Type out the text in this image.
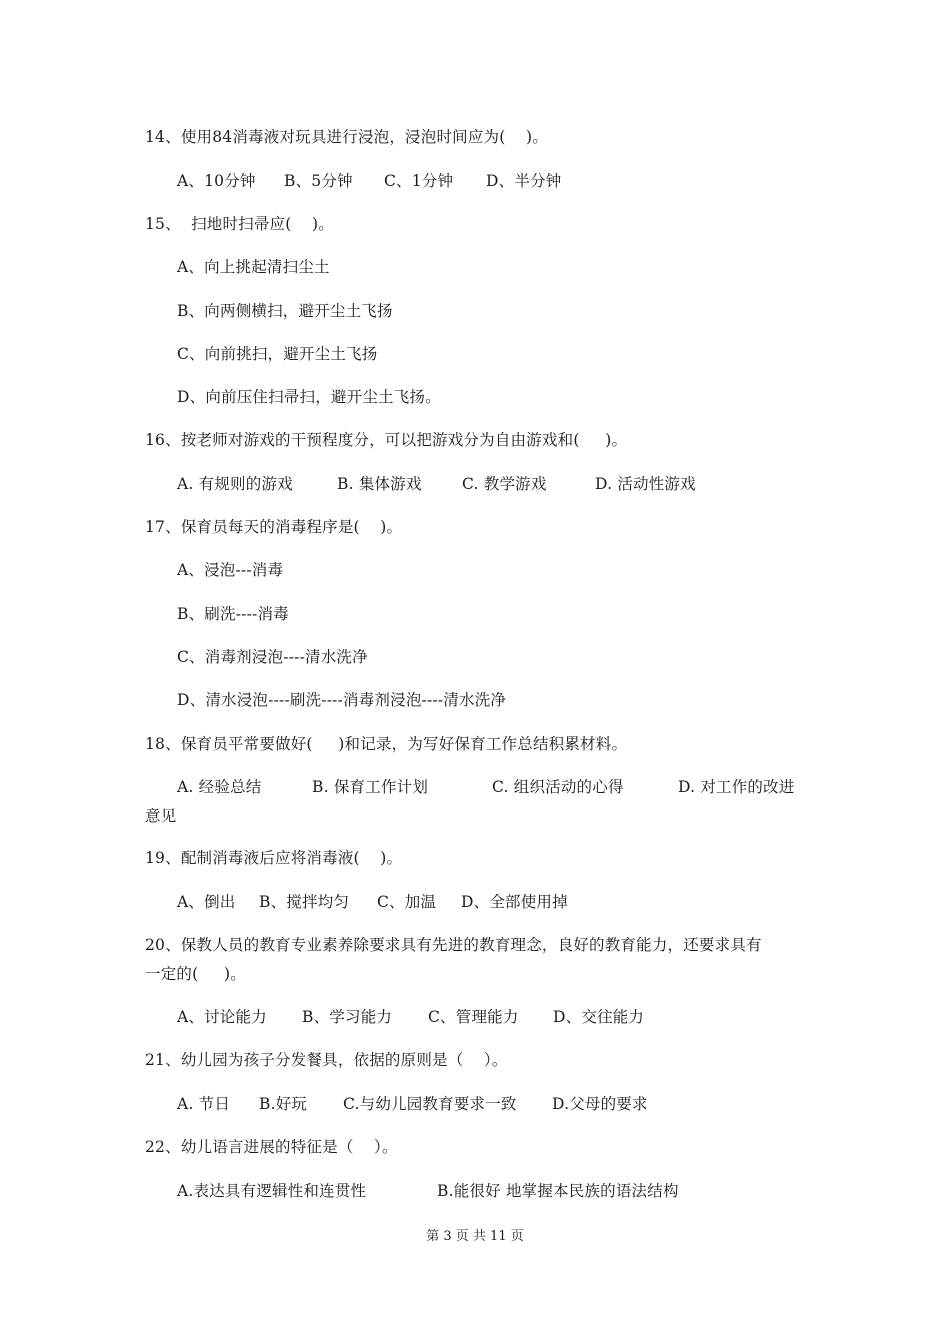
14、使用84消毒液对玩具进行浸泡，浸泡时间应为(    )。

A、10分钟

B、5分钟

C、1分钟

D、半分钟

15、  扫地时扫帚应(    )。
A、向上挑起清扫尘土
B、向两侧横扫，避开尘土飞扬
C、向前挑扫，避开尘土飞扬
D、向前压住扫帚扫，避开尘土飞扬。
16、按老师对游戏的干预程度分，可以把游戏分为自由游戏和(     )。

A. 有规则的游戏

	B. 集体游戏

	C. 教学游戏

	D. 活动性游戏

17、保育员每天的消毒程序是(    )。
A、浸泡---消毒
B、刷洗----消毒
C、消毒剂浸泡----清水洗净
D、清水浸泡----刷洗----消毒剂浸泡----清水洗净
18、保育员平常要做好(     )和记录，为写好保育工作总结积累材料。

A. 经验总结

	B. 保育工作计划

	C. 组织活动的心得

	D. 对工作的改进

意见
19、配制消毒液后应将消毒液(    )。

A、倒出

B、搅拌均匀

C、加温

D、全部使用掉

20、保教人员的教育专业素养除要求具有先进的教育理念，良好的教育能力，还要求具有
一定的(     )。

A、讨论能力

B、学习能力

C、管理能力

D、交往能力

21、幼儿园为孩子分发餐具，依据的原则是（    ）。

A. 节日

B.好玩

C.与幼儿园教育要求一致

D.父母的要求

22、幼儿语言进展的特征是（    ）。

A.表达具有逻辑性和连贯性

	B.能很好 地掌握本民族的语法结构

第 3 页 共 11 页
